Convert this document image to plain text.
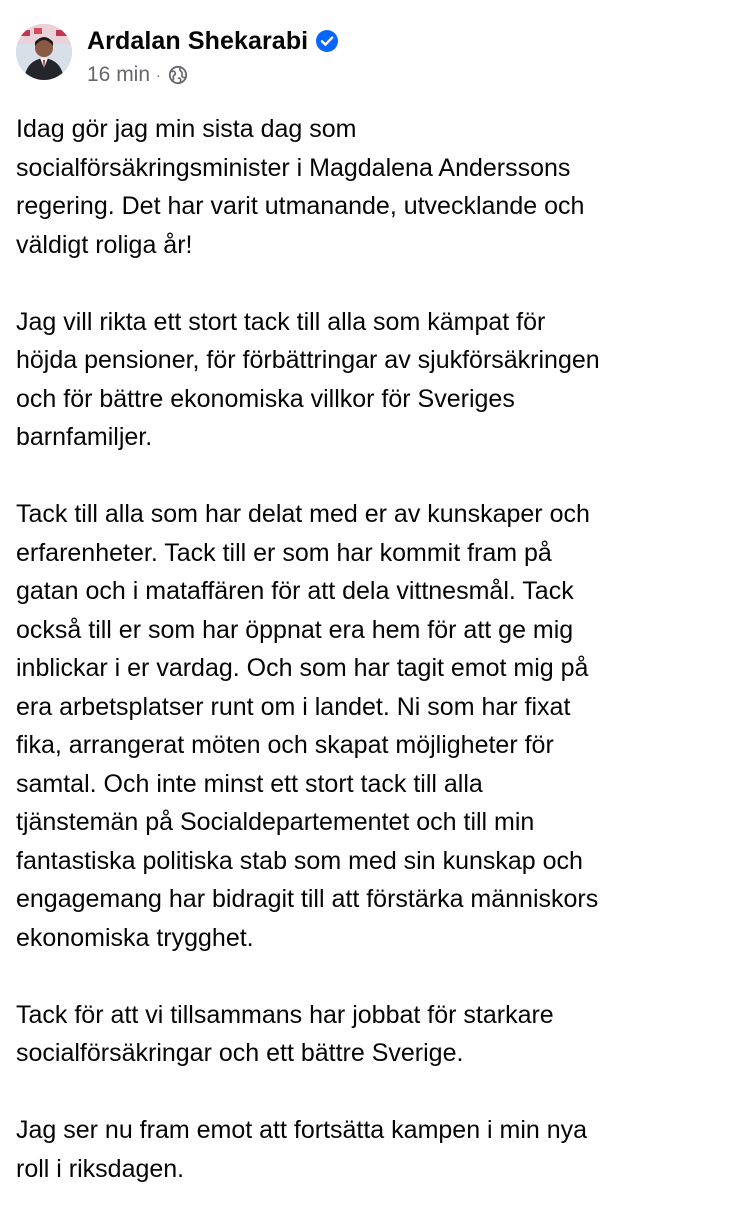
Ardalan Shekarabi
16 min ·
Idag gör jag min sista dag som
socialförsäkringsminister i Magdalena Anderssons
regering. Det har varit utmanande, utvecklande och
väldigt roliga år!
Jag vill rikta ett stort tack till alla som kämpat för
höjda pensioner, för förbättringar av sjukförsäkringen
och för bättre ekonomiska villkor för Sveriges
barnfamiljer.
Tack till alla som har delat med er av kunskaper och
erfarenheter. Tack till er som har kommit fram på
gatan och i mataffären för att dela vittnesmål. Tack
också till er som har öppnat era hem för att ge mig
inblickar i er vardag. Och som har tagit emot mig på
era arbetsplatser runt om i landet. Ni som har fixat
fika, arrangerat möten och skapat möjligheter för
samtal. Och inte minst ett stort tack till alla
tjänstemän på Socialdepartementet och till min
fantastiska politiska stab som med sin kunskap och
engagemang har bidragit till att förstärka människors
ekonomiska trygghet.
Tack för att vi tillsammans har jobbat för starkare
socialförsäkringar och ett bättre Sverige.
Jag ser nu fram emot att fortsätta kampen i min nya
roll i riksdagen.
